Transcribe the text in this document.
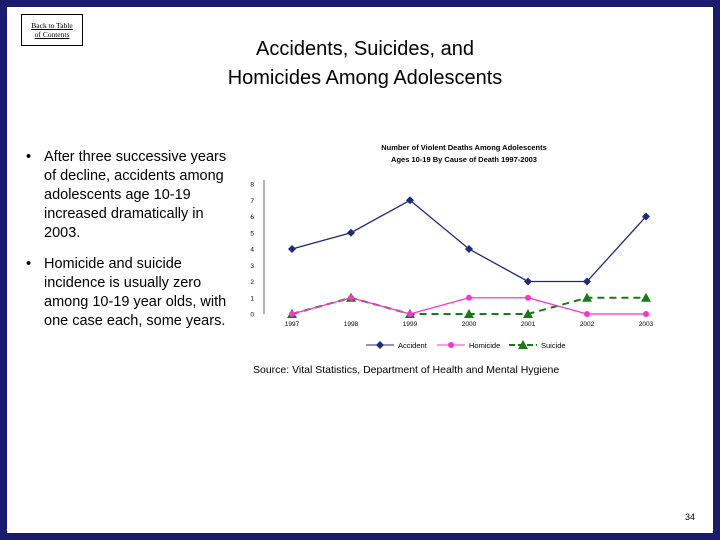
Back to Table
of Contents
Accidents, Suicides, and
Homicides Among Adolescents
• After three successive years of decline, accidents among adolescents age 10-19 increased dramatically in 2003.
• Homicide and suicide incidence is usually zero among 10-19 year olds, with one case each, some years.
Number of Violent Deaths Among Adolescents
Ages 10-19 By Cause of Death 1997-2003
0
1
2
3
4
5
6
7
8
1997	1998	1999	2000	2001	2002	2003
Accident	Homicide	Suicide
Source: Vital Statistics, Department of Health and Mental Hygiene
34
